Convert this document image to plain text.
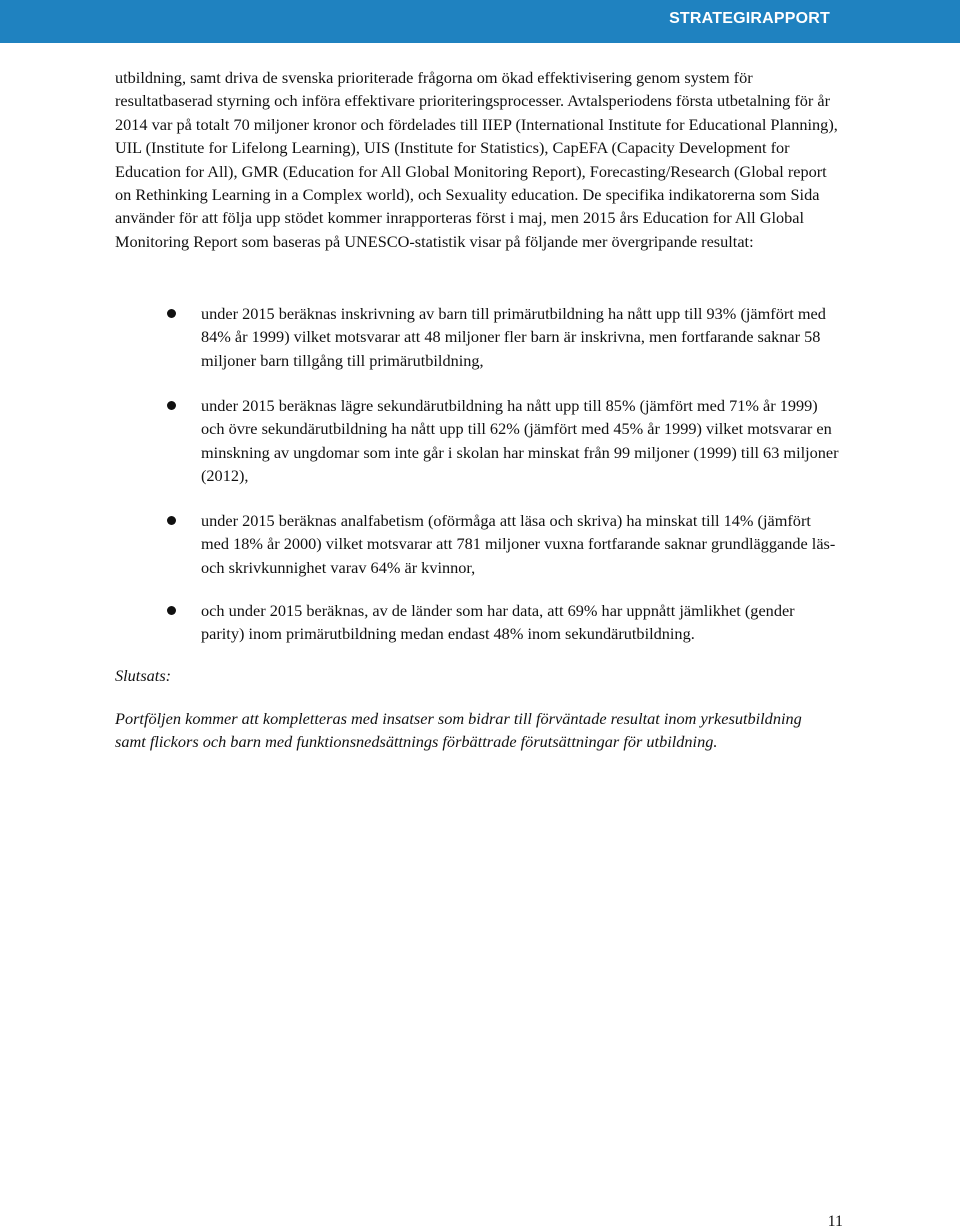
STRATEGIRAPPORT

utbildning, samt driva de svenska prioriterade frågorna om ökad effektivisering genom system för resultatbaserad styrning och införa effektivare prioriteringsprocesser. Avtalsperiodens första utbetalning för år 2014 var på totalt 70 miljoner kronor och fördelades till IIEP (International Institute for Educational Planning), UIL (Institute for Lifelong Learning), UIS (Institute for Statistics), CapEFA (Capacity Development for Education for All), GMR (Education for All Global Monitoring Report), Forecasting/Research (Global report on Rethinking Learning in a Complex world), och Sexuality education. De specifika indikatorerna som Sida använder för att följa upp stödet kommer inrapporteras först i maj, men 2015 års Education for All Global Monitoring Report som baseras på UNESCO-statistik visar på följande mer övergripande resultat:

under 2015 beräknas inskrivning av barn till primärutbildning ha nått upp till 93% (jämfört med 84% år 1999) vilket motsvarar att 48 miljoner fler barn är inskrivna, men fortfarande saknar 58 miljoner barn tillgång till primärutbildning,
under 2015 beräknas lägre sekundärutbildning ha nått upp till 85% (jämfört med 71% år 1999) och övre sekundärutbildning ha nått upp till 62% (jämfört med 45% år 1999) vilket motsvarar en minskning av ungdomar som inte går i skolan har minskat från 99 miljoner (1999) till 63 miljoner (2012),
under 2015 beräknas analfabetism (oförmåga att läsa och skriva) ha minskat till 14% (jämfört med 18% år 2000) vilket motsvarar att 781 miljoner vuxna fortfarande saknar grundläggande läs- och skrivkunnighet varav 64% är kvinnor,
och under 2015 beräknas, av de länder som har data, att 69% har uppnått jämlikhet (gender parity) inom primärutbildning medan endast 48% inom sekundärutbildning.
Slutsats:

Portföljen kommer att kompletteras med insatser som bidrar till förväntade resultat inom yrkesutbildning samt flickors och barn med funktionsnedsättnings förbättrade förutsättningar för utbildning.

11
